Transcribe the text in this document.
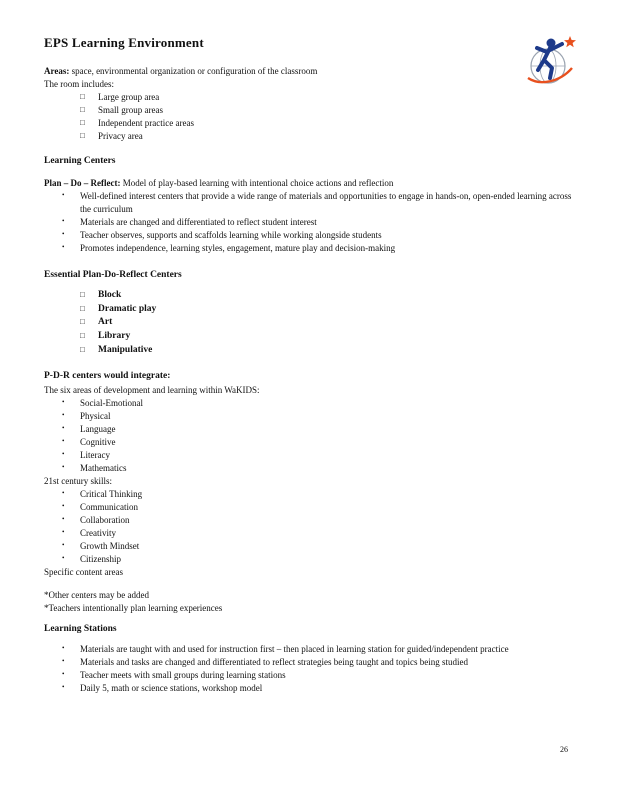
EPS Learning Environment

Areas: space, environmental organization or configuration of the classroom

The room includes:

□ Large group area
□ Small group areas
□ Independent practice areas
□ Privacy area
Learning Centers

Plan – Do – Reflect: Model of play-based learning with intentional choice actions and reflection

• Well-defined interest centers that provide a wide range of materials and opportunities to engage in hands-on, open-ended learning across the curriculum
• Materials are changed and differentiated to reflect student interest
• Teacher observes, supports and scaffolds learning while working alongside students
• Promotes independence, learning styles, engagement, mature play and decision-making
Essential Plan-Do-Reflect Centers
□ Block
□ Dramatic play
□ Art
□ Library
□ Manipulative
P-D-R centers would integrate:

The six areas of development and learning within WaKIDS:

• Social-Emotional
• Physical
• Language
• Cognitive
• Literacy
• Mathematics

21st century skills:

• Critical Thinking
• Communication
• Collaboration
• Creativity
• Growth Mindset
• Citizenship

Specific content areas

*Other centers may be added

*Teachers intentionally plan learning experiences

Learning Stations
• Materials are taught with and used for instruction first – then placed in learning station for guided/independent practice
• Materials and tasks are changed and differentiated to reflect strategies being taught and topics being studied
• Teacher meets with small groups during learning stations
• Daily 5, math or science stations, workshop model
26
